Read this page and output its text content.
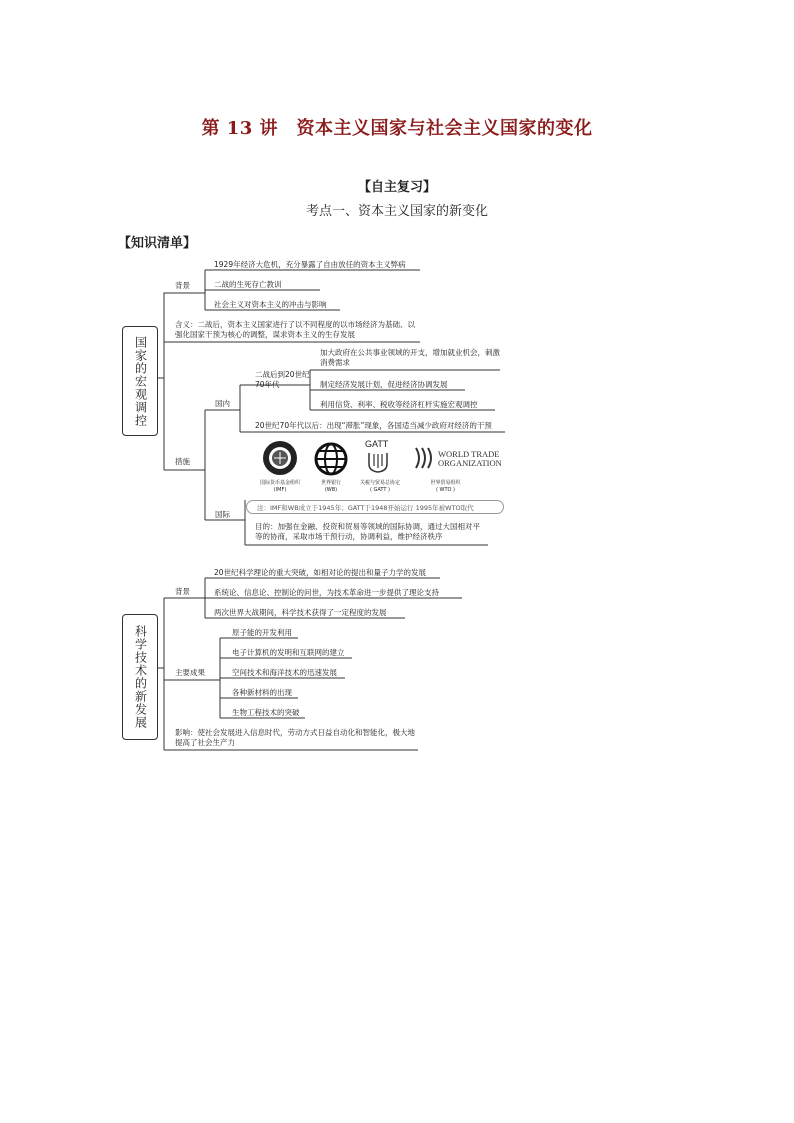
第 13 讲　资本主义国家与社会主义国家的变化
【自主复习】
考点一、资本主义国家的新变化
【知识清单】
国家的宏观调控
背景
1929年经济大危机，充分暴露了自由放任的资本主义弊病
二战的生死存亡教训
社会主义对资本主义的冲击与影响
含义：二战后，资本主义国家进行了以不同程度的以市场经济为基础、以强化国家干预为核心的调整，谋求资本主义的生存发展
措施
国内
二战后到20世纪70年代
加大政府在公共事业领域的开支，增加就业机会，刺激消费需求
制定经济发展计划，促进经济协调发展
利用信贷、利率、税收等经济杠杆实施宏观调控
20世纪70年代以后：出现“滞胀”现象，各国适当减少政府对经济的干预
国际货币基金组织
(IMF)
世界银行
(WB)
GATT
关税与贸易总协定
( GATT )
WORLD TRADE
ORGANIZATION
世界贸易组织
( WTO )
国际
注：IMF和WB成立于1945年；GATT于1948开始运行 1995年被WTO取代
目的：加强在金融、投资和贸易等领域的国际协调，通过大国相对平等的协商，采取市场干预行动，协调利益，维护经济秩序
科学技术的新发展
背景
20世纪科学理论的重大突破，如相对论的提出和量子力学的发展
系统论、信息论、控制论的问世，为技术革命进一步提供了理论支持
两次世界大战期间，科学技术获得了一定程度的发展
主要成果
原子能的开发利用
电子计算机的发明和互联网的建立
空间技术和海洋技术的迅速发展
各种新材料的出现
生物工程技术的突破
影响：使社会发展进入信息时代，劳动方式日益自动化和智能化，极大地提高了社会生产力
